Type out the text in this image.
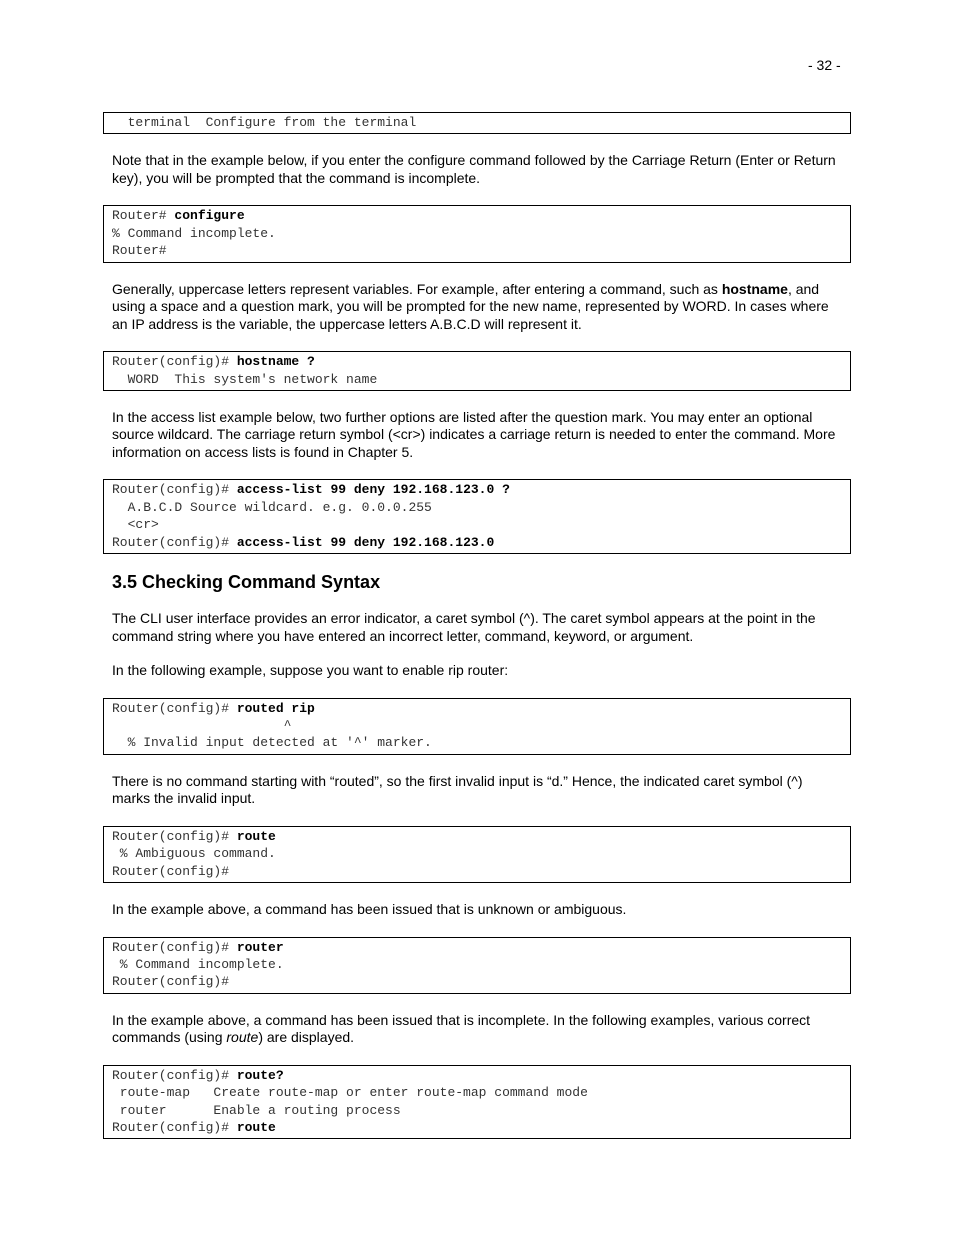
- 32 -
terminal  Configure from the terminal

Note that in the example below, if you enter the configure command followed by the Carriage Return (Enter or Return key), you will be prompted that the command is incomplete.

Router# configure
% Command incomplete.
Router#

Generally, uppercase letters represent variables. For example, after entering a command, such as hostname, and using a space and a question mark, you will be prompted for the new name, represented by WORD. In cases where an IP address is the variable, the uppercase letters A.B.C.D will represent it.

Router(config)# hostname ?
WORD  This system's network name

In the access list example below, two further options are listed after the question mark. You may enter an optional source wildcard. The carriage return symbol (<cr>) indicates a carriage return is needed to enter the command. More information on access lists is found in Chapter 5.

Router(config)# access-list 99 deny 192.168.123.0 ?
A.B.C.D Source wildcard. e.g. 0.0.0.255
<cr>
Router(config)# access-list 99 deny 192.168.123.0
3.5 Checking Command Syntax

The CLI user interface provides an error indicator, a caret symbol (^). The caret symbol appears at the point in the command string where you have entered an incorrect letter, command, keyword, or argument.

In the following example, suppose you want to enable rip router:

Router(config)# routed rip
^
% Invalid input detected at '^' marker.

There is no command starting with “routed”, so the first invalid input is “d.” Hence, the indicated caret symbol (^) marks the invalid input.

Router(config)# route
% Ambiguous command.
Router(config)#

In the example above, a command has been issued that is unknown or ambiguous.

Router(config)# router
% Command incomplete.
Router(config)#

In the example above, a command has been issued that is incomplete. In the following examples, various correct commands (using route) are displayed.

Router(config)# route?
route-map   Create route-map or enter route-map command mode
router      Enable a routing process
Router(config)# route
